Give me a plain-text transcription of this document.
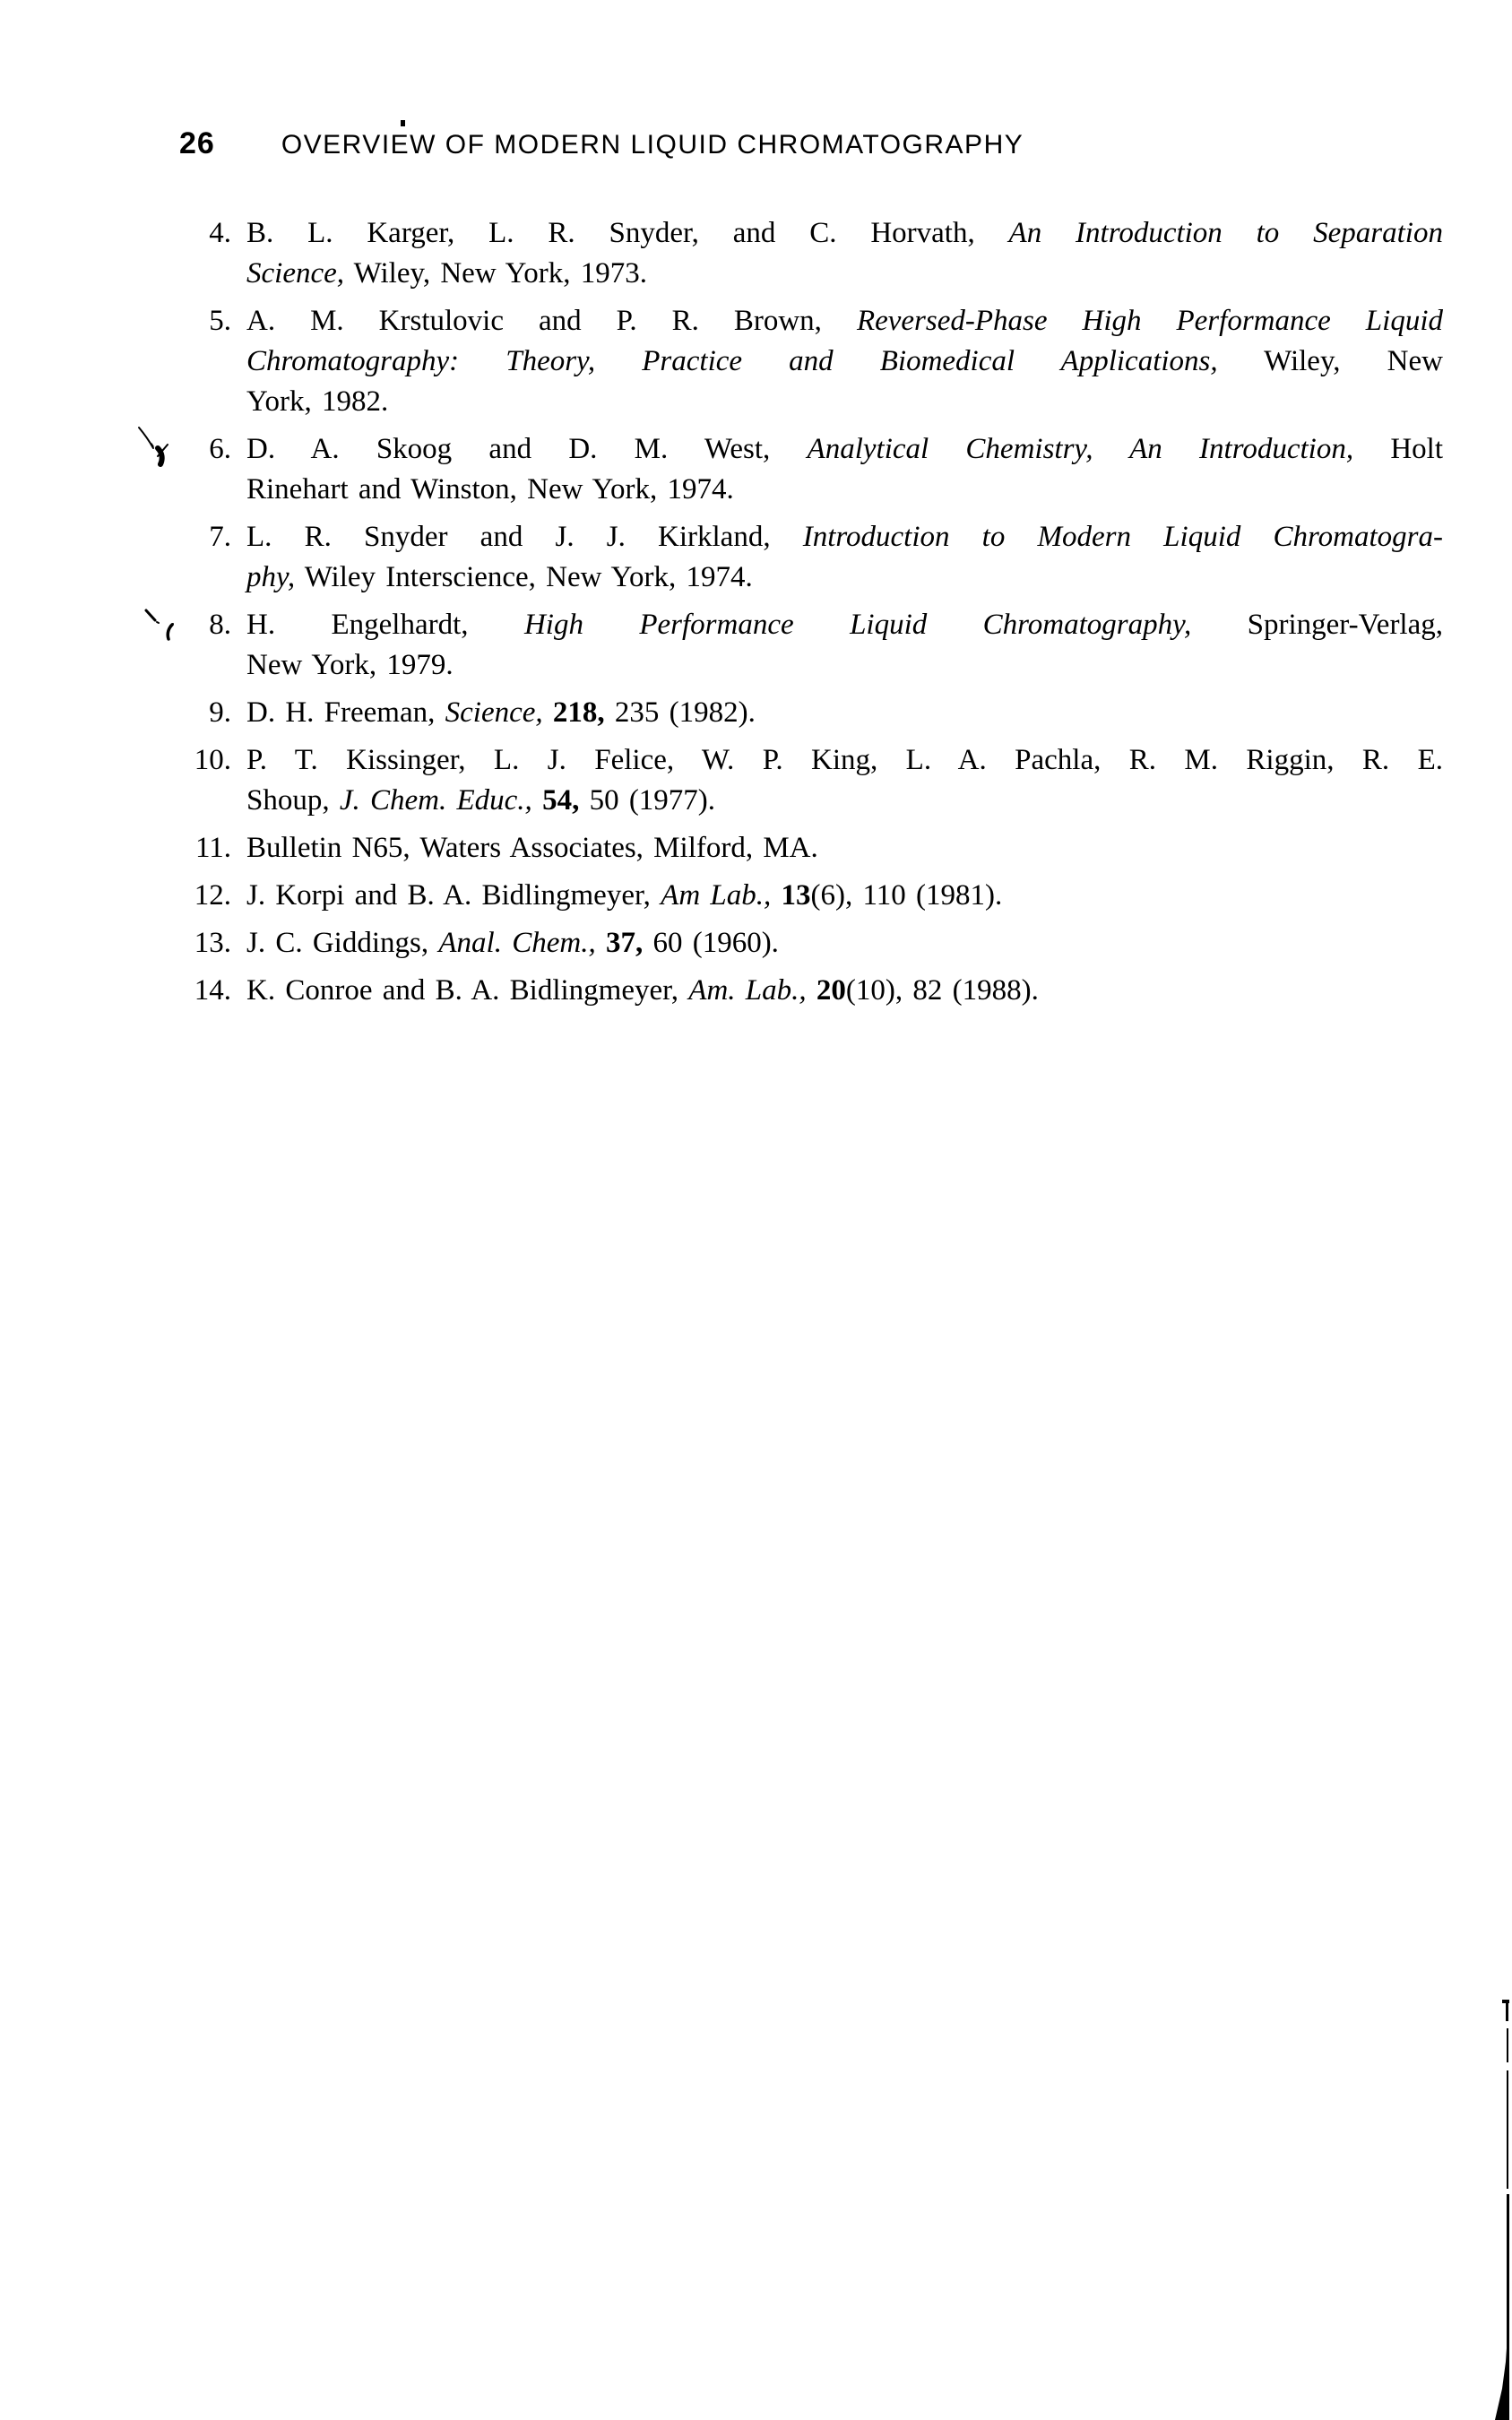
26 OVERVIEW OF MODERN LIQUID CHROMATOGRAPHY
4. B. L. Karger, L. R. Snyder, and C. Horvath, An Introduction to Separation
Science, Wiley, New York, 1973.
5. A. M. Krstulovic and P. R. Brown, Reversed-Phase High Performance Liquid
Chromatography: Theory, Practice and Biomedical Applications, Wiley, New
York, 1982.
6. D. A. Skoog and D. M. West, Analytical Chemistry, An Introduction, Holt
Rinehart and Winston, New York, 1974.
7. L. R. Snyder and J. J. Kirkland, Introduction to Modern Liquid Chromatogra-
phy, Wiley Interscience, New York, 1974.
8. H. Engelhardt, High Performance Liquid Chromatography, Springer-Verlag,
New York, 1979.
9. D. H. Freeman, Science, 218, 235 (1982).
10. P. T. Kissinger, L. J. Felice, W. P. King, L. A. Pachla, R. M. Riggin, R. E.
Shoup, J. Chem. Educ., 54, 50 (1977).
11. Bulletin N65, Waters Associates, Milford, MA.
12. J. Korpi and B. A. Bidlingmeyer, Am Lab., 13(6), 110 (1981).
13. J. C. Giddings, Anal. Chem., 37, 60 (1960).
14. K. Conroe and B. A. Bidlingmeyer, Am. Lab., 20(10), 82 (1988).
